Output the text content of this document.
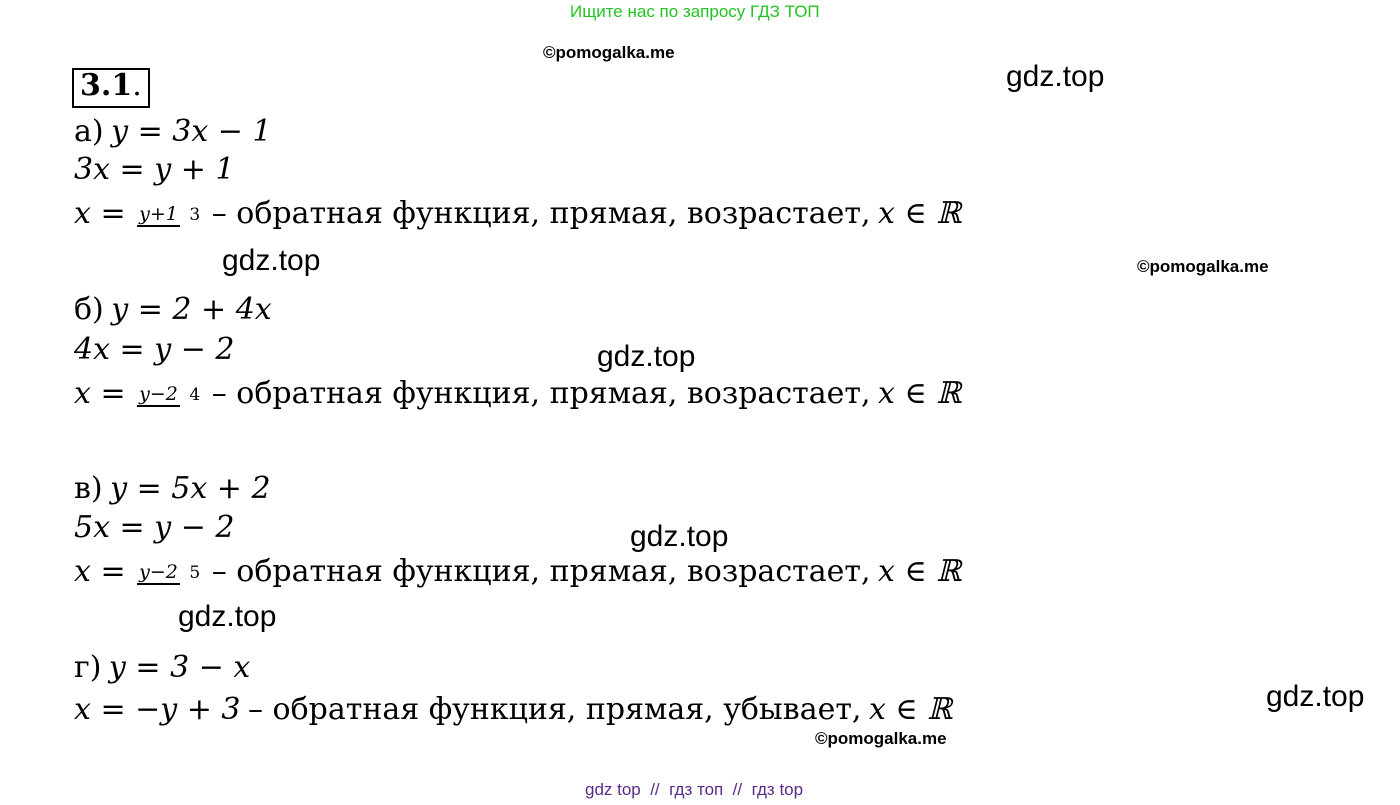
Ищите нас по запросу ГДЗ ТОП
©pomogalka.me
3.1.	gdz.top
а) y = 3x − 1
3x = y + 1
x = y+1 3 – обратная функция, прямая, возрастает, x ∈ ℝ
gdz.top	©pomogalka.me
б) y = 2 + 4x
4x = y − 2	gdz.top
x = y−2 4 – обратная функция, прямая, возрастает, x ∈ ℝ
в) y = 5x + 2
5x = y − 2	gdz.top
x = y−2 5 – обратная функция, прямая, возрастает, x ∈ ℝ
gdz.top
г) y = 3 − x
x = −y + 3 – обратная функция, прямая, убывает, x ∈ ℝ	gdz.top
©pomogalka.me
gdz top  //  гдз топ  //  гдз top
